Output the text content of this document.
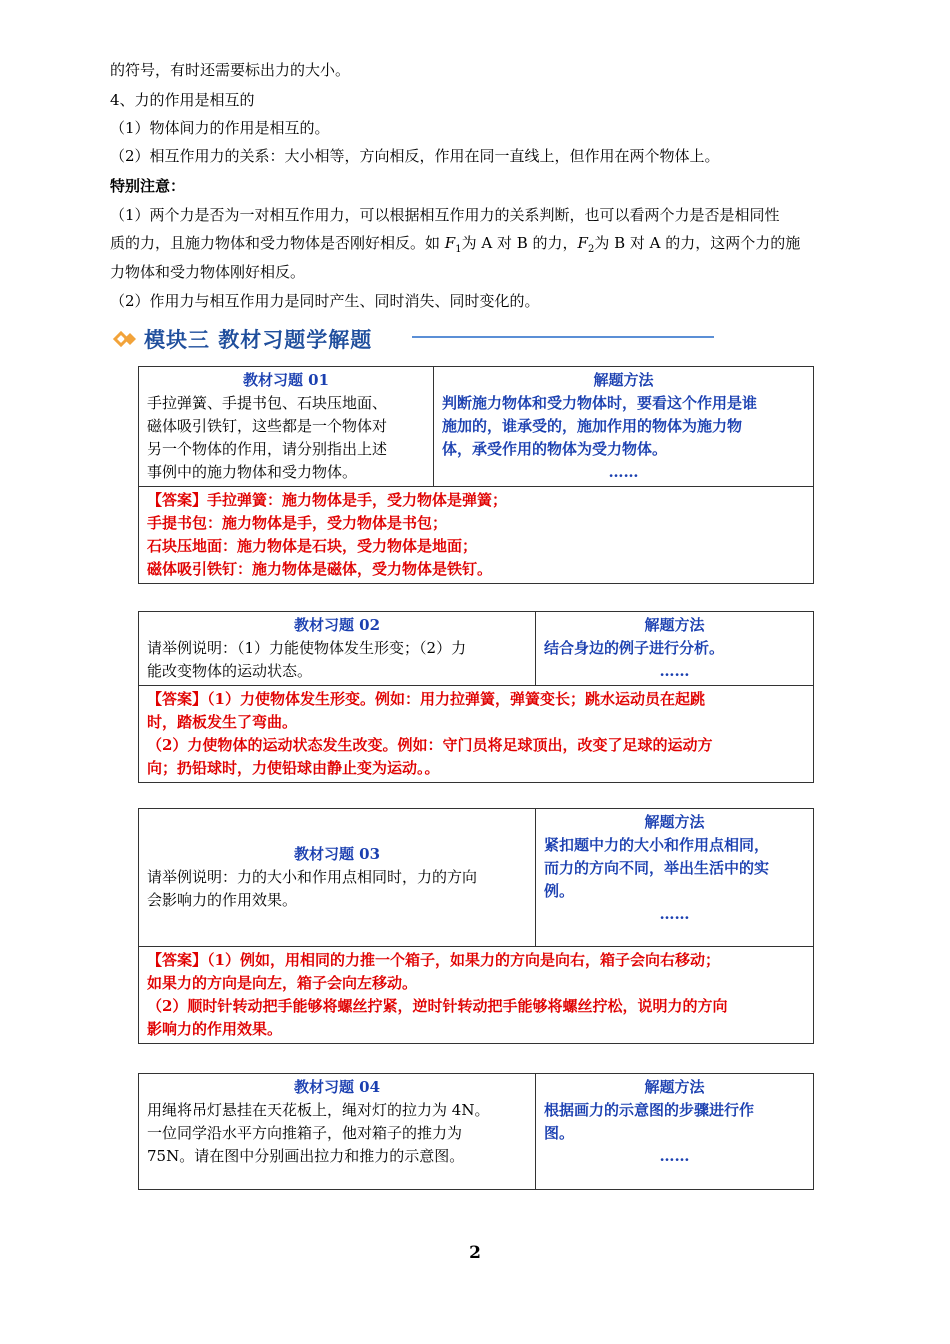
的符号，有时还需要标出力的大小。
4、力的作用是相互的
（1）物体间力的作用是相互的。
（2）相互作用力的关系：大小相等，方向相反，作用在同一直线上，但作用在两个物体上。
特别注意：
（1）两个力是否为一对相互作用力，可以根据相互作用力的关系判断，也可以看两个力是否是相同性
质的力，且施力物体和受力物体是否刚好相反。如 $F_1$为 A 对 B 的力，$F_2$为 B 对 A 的力，这两个力的施
力物体和受力物体刚好相反。
（2）作用力与相互作用力是同时产生、同时消失、同时变化的。
模块三 教材习题学解题
教材习题 01
手拉弹簧、手提书包、石块压地面、
磁体吸引铁钉，这些都是一个物体对
另一个物体的作用，请分别指出上述
事例中的施力物体和受力物体。

解题方法
判断施力物体和受力物体时，要看这个作用是谁
施加的，谁承受的，施加作用的物体为施力物
体，承受作用的物体为受力物体。
……

【答案】手拉弹簧：施力物体是手，受力物体是弹簧；
手提书包：施力物体是手，受力物体是书包；
石块压地面：施力物体是石块，受力物体是地面；
磁体吸引铁钉：施力物体是磁体，受力物体是铁钉。
教材习题 02
请举例说明：（1）力能使物体发生形变；（2）力
能改变物体的运动状态。

解题方法
结合身边的例子进行分析。
……

【答案】（1）力使物体发生形变。例如：用力拉弹簧，弹簧变长；跳水运动员在起跳
时，踏板发生了弯曲。
（2）力使物体的运动状态发生改变。例如：守门员将足球顶出，改变了足球的运动方
向；扔铅球时，力使铅球由静止变为运动。。
教材习题 03
请举例说明：力的大小和作用点相同时，力的方向
会影响力的作用效果。

解题方法
紧扣题中力的大小和作用点相同，
而力的方向不同，举出生活中的实
例。
……

【答案】（1）例如，用相同的力推一个箱子，如果力的方向是向右，箱子会向右移动；
如果力的方向是向左，箱子会向左移动。
（2）顺时针转动把手能够将螺丝拧紧，逆时针转动把手能够将螺丝拧松，说明力的方向
影响力的作用效果。
教材习题 04
用绳将吊灯悬挂在天花板上，绳对灯的拉力为 4N。
一位同学沿水平方向推箱子，他对箱子的推力为
75N。请在图中分别画出拉力和推力的示意图。

解题方法
根据画力的示意图的步骤进行作
图。
……
2
